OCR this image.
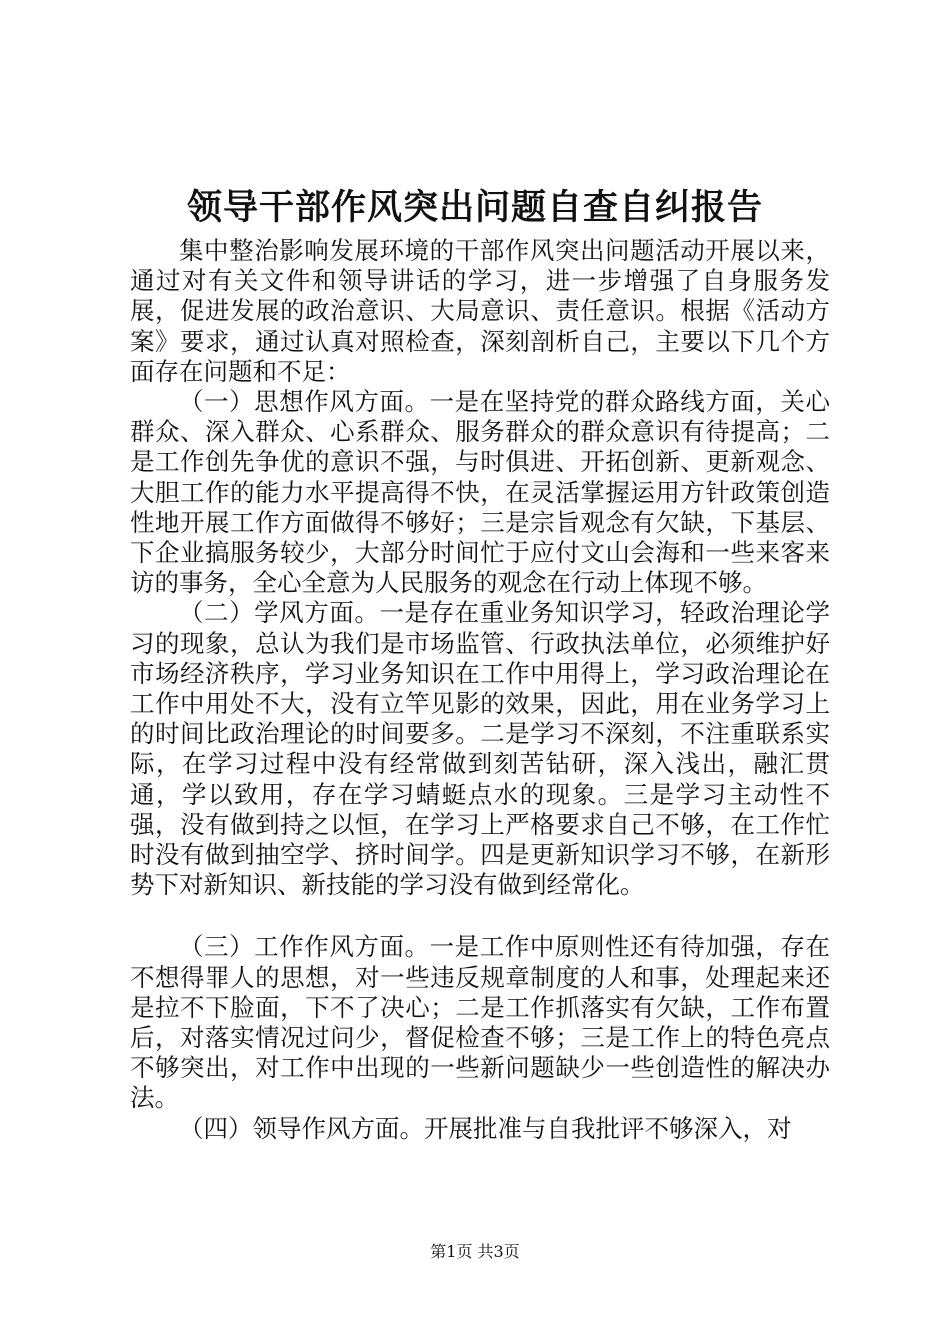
领导干部作风突出问题自查自纠报告

集中整治影响发展环境的干部作风突出问题活动开展以来，通过对有关文件和领导讲话的学习，进一步增强了自身服务发展，促进发展的政治意识、大局意识、责任意识。根据《活动方案》要求，通过认真对照检查，深刻剖析自己，主要以下几个方面存在问题和不足：

（一）思想作风方面。一是在坚持党的群众路线方面，关心群众、深入群众、心系群众、服务群众的群众意识有待提高；二是工作创先争优的意识不强，与时俱进、开拓创新、更新观念、大胆工作的能力水平提高得不快，在灵活掌握运用方针政策创造性地开展工作方面做得不够好；三是宗旨观念有欠缺，下基层、下企业搞服务较少，大部分时间忙于应付文山会海和一些来客来访的事务，全心全意为人民服务的观念在行动上体现不够。

（二）学风方面。一是存在重业务知识学习，轻政治理论学习的现象，总认为我们是市场监管、行政执法单位，必须维护好市场经济秩序，学习业务知识在工作中用得上，学习政治理论在工作中用处不大，没有立竿见影的效果，因此，用在业务学习上的时间比政治理论的时间要多。二是学习不深刻，不注重联系实际，在学习过程中没有经常做到刻苦钻研，深入浅出，融汇贯通，学以致用，存在学习蜻蜓点水的现象。三是学习主动性不强，没有做到持之以恒，在学习上严格要求自己不够，在工作忙时没有做到抽空学、挤时间学。四是更新知识学习不够，在新形势下对新知识、新技能的学习没有做到经常化。

（三）工作作风方面。一是工作中原则性还有待加强，存在不想得罪人的思想，对一些违反规章制度的人和事，处理起来还是拉不下脸面，下不了决心；二是工作抓落实有欠缺，工作布置后，对落实情况过问少，督促检查不够；三是工作上的特色亮点不够突出，对工作中出现的一些新问题缺少一些创造性的解决办法。

（四）领导作风方面。开展批准与自我批评不够深入，对

第1页 共3页
